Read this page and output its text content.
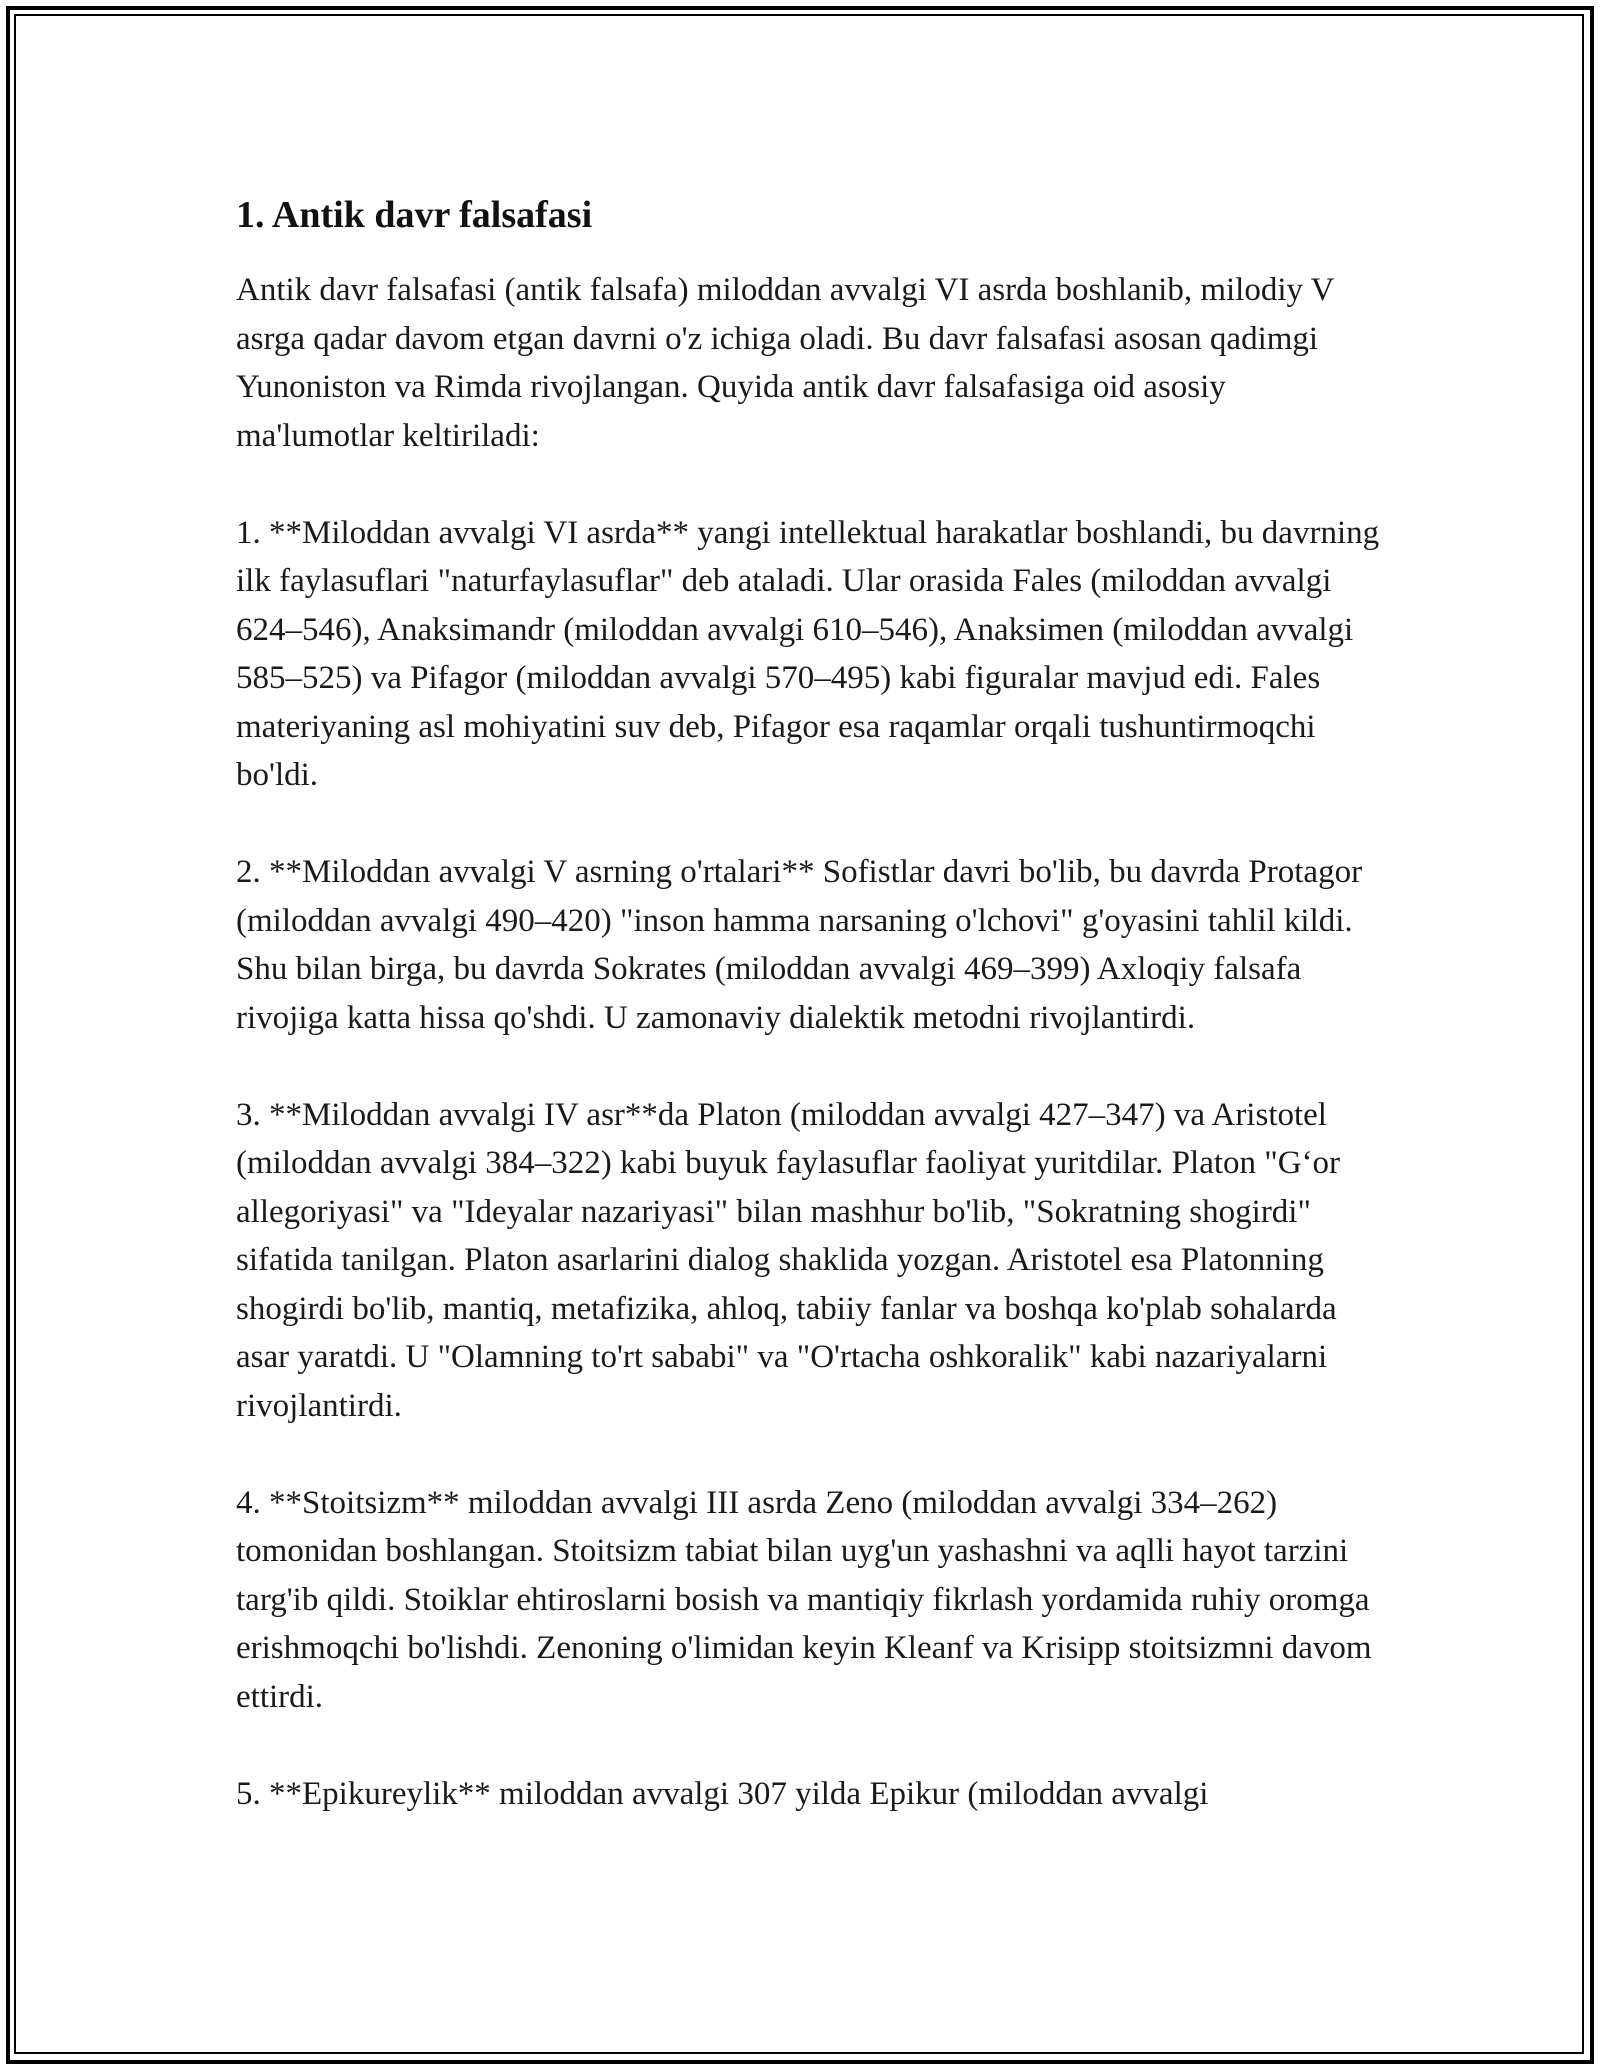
1. Antik davr falsafasi

Antik davr falsafasi (antik falsafa) miloddan avvalgi VI asrda boshlanib, milodiy V asrga qadar davom etgan davrni o'z ichiga oladi. Bu davr falsafasi asosan qadimgi Yunoniston va Rimda rivojlangan. Quyida antik davr falsafasiga oid asosiy ma'lumotlar keltiriladi:

1. **Miloddan avvalgi VI asrda** yangi intellektual harakatlar boshlandi, bu davrning ilk faylasuflari "naturfaylasuflar" deb ataladi. Ular orasida Fales (miloddan avvalgi 624–546), Anaksimandr (miloddan avvalgi 610–546), Anaksimen (miloddan avvalgi 585–525) va Pifagor (miloddan avvalgi 570–495) kabi figuralar mavjud edi. Fales materiyaning asl mohiyatini suv deb, Pifagor esa raqamlar orqali tushuntirmoqchi bo'ldi.

2. **Miloddan avvalgi V asrning o'rtalari** Sofistlar davri bo'lib, bu davrda Protagor (miloddan avvalgi 490–420) "inson hamma narsaning o'lchovi" g'oyasini tahlil kildi. Shu bilan birga, bu davrda Sokrates (miloddan avvalgi 469–399) Axloqiy falsafa rivojiga katta hissa qo'shdi. U zamonaviy dialektik metodni rivojlantirdi.

3. **Miloddan avvalgi IV asr**da Platon (miloddan avvalgi 427–347) va Aristotel (miloddan avvalgi 384–322) kabi buyuk faylasuflar faoliyat yuritdilar. Platon "G‘or allegoriyasi" va "Ideyalar nazariyasi" bilan mashhur bo'lib, "Sokratning shogirdi" sifatida tanilgan. Platon asarlarini dialog shaklida yozgan. Aristotel esa Platonning shogirdi bo'lib, mantiq, metafizika, ahloq, tabiiy fanlar va boshqa ko'plab sohalarda asar yaratdi. U "Olamning to'rt sababi" va "O'rtacha oshkoralik" kabi nazariyalarni rivojlantirdi.

4. **Stoitsizm** miloddan avvalgi III asrda Zeno (miloddan avvalgi 334–262) tomonidan boshlangan. Stoitsizm tabiat bilan uyg'un yashashni va aqlli hayot tarzini targ'ib qildi. Stoiklar ehtiroslarni bosish va mantiqiy fikrlash yordamida ruhiy oromga erishmoqchi bo'lishdi. Zenoning o'limidan keyin Kleanf va Krisipp stoitsizmni davom ettirdi.

5. **Epikureylik** miloddan avvalgi 307 yilda Epikur (miloddan avvalgi
